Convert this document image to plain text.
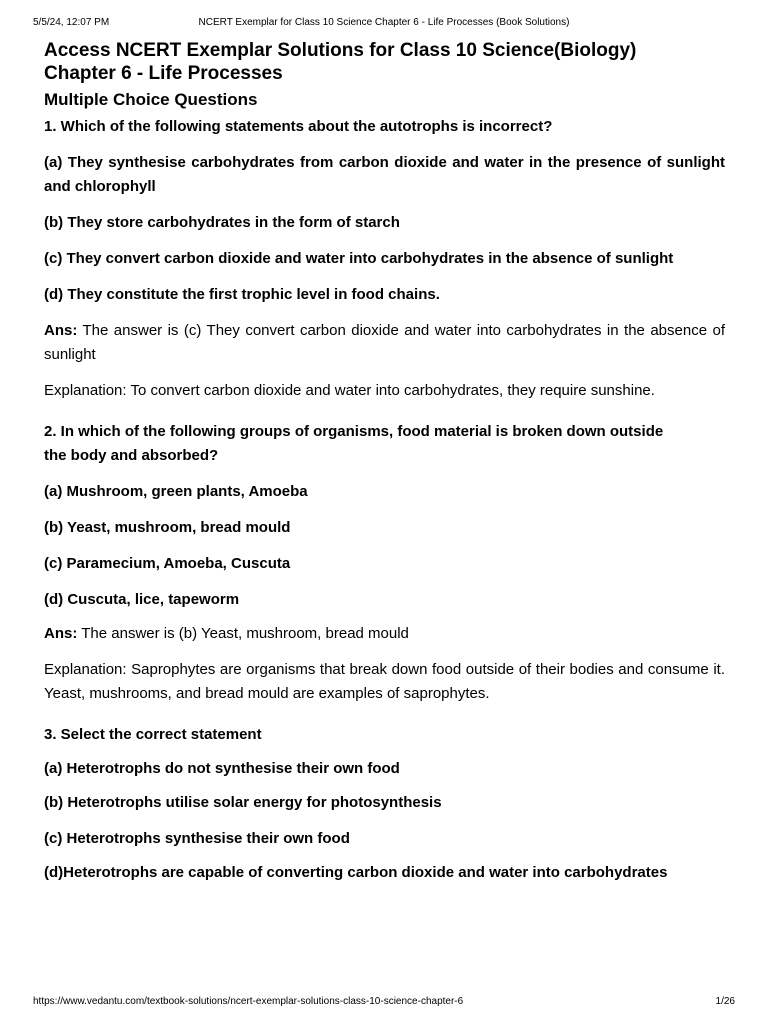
5/5/24, 12:07 PM	NCERT Exemplar for Class 10 Science Chapter 6 - Life Processes (Book Solutions)
Access NCERT Exemplar Solutions for Class 10 Science(Biology)
Chapter 6 - Life Processes
Multiple Choice Questions

1. Which of the following statements about the autotrophs is incorrect?

(a) They synthesise carbohydrates from carbon dioxide and water in the presence of sunlight and chlorophyll

(b) They store carbohydrates in the form of starch

(c) They convert carbon dioxide and water into carbohydrates in the absence of sunlight

(d) They constitute the first trophic level in food chains.

Ans: The answer is (c) They convert carbon dioxide and water into carbohydrates in the absence of sunlight

Explanation: To convert carbon dioxide and water into carbohydrates, they require sunshine.

2. In which of the following groups of organisms, food material is broken down outside
the body and absorbed?

(a) Mushroom, green plants, Amoeba

(b) Yeast, mushroom, bread mould

(c) Paramecium, Amoeba, Cuscuta

(d) Cuscuta, lice, tapeworm

Ans: The answer is (b) Yeast, mushroom, bread mould

Explanation: Saprophytes are organisms that break down food outside of their bodies and consume it. Yeast, mushrooms, and bread mould are examples of saprophytes.

3. Select the correct statement

(a) Heterotrophs do not synthesise their own food

(b) Heterotrophs utilise solar energy for photosynthesis

(c) Heterotrophs synthesise their own food

(d)Heterotrophs are capable of converting carbon dioxide and water into carbohydrates

https://www.vedantu.com/textbook-solutions/ncert-exemplar-solutions-class-10-science-chapter-6	1/26
